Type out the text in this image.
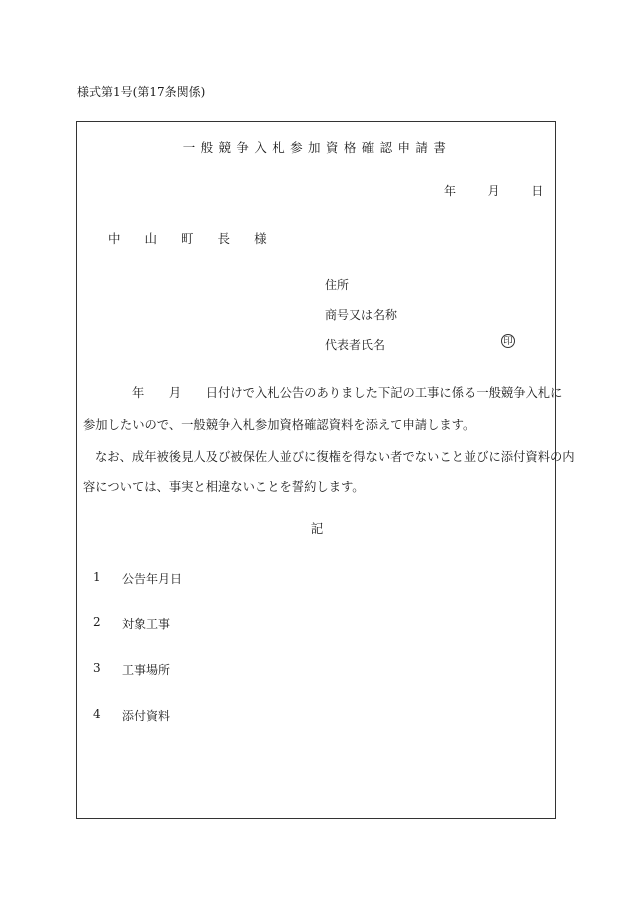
様式第1号(第17条関係)
一般競争入札参加資格確認申請書
年	月	日
中 山 町 長 様
住所
商号又は名称
代表者氏名	印
年　　月　　日付けで入札公告のありました下記の工事に係る一般競争入札に
参加したいので、一般競争入札参加資格確認資料を添えて申請します。
なお、成年被後見人及び被保佐人並びに復権を得ない者でないこと並びに添付資料の内
容については、事実と相違ないことを誓約します。
記
1 公告年月日
2 対象工事
3 工事場所
4 添付資料
